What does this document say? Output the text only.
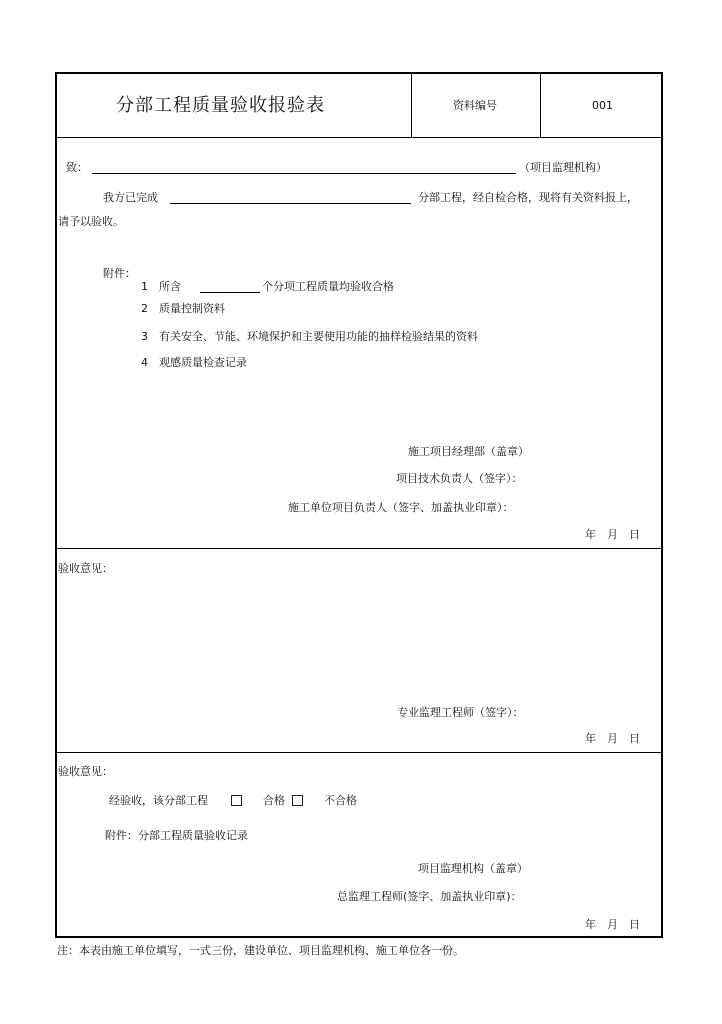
分部工程质量验收报验表	资料编号	001
致：	（项目监理机构）
我方已完成	分部工程，经自检合格，现将有关资料报上，
请予以验收。
附件：
1 所含	个分项工程质量均验收合格
2 质量控制资料
3 有关安全、节能、环境保护和主要使用功能的抽样检验结果的资料
4 观感质量检查记录
施工项目经理部（盖章）
项目技术负责人（签字）：
施工单位项目负责人（签字、加盖执业印章）：
年　月　日
验收意见：
专业监理工程师（签字）：
年　月　日
验收意见：
经验收，该分部工程	合格	不合格
附件：分部工程质量验收记录
项目监理机构（盖章）
总监理工程师(签字、加盖执业印章)：
年　月　日
注：本表由施工单位填写，一式三份，建设单位、项目监理机构、施工单位各一份。
